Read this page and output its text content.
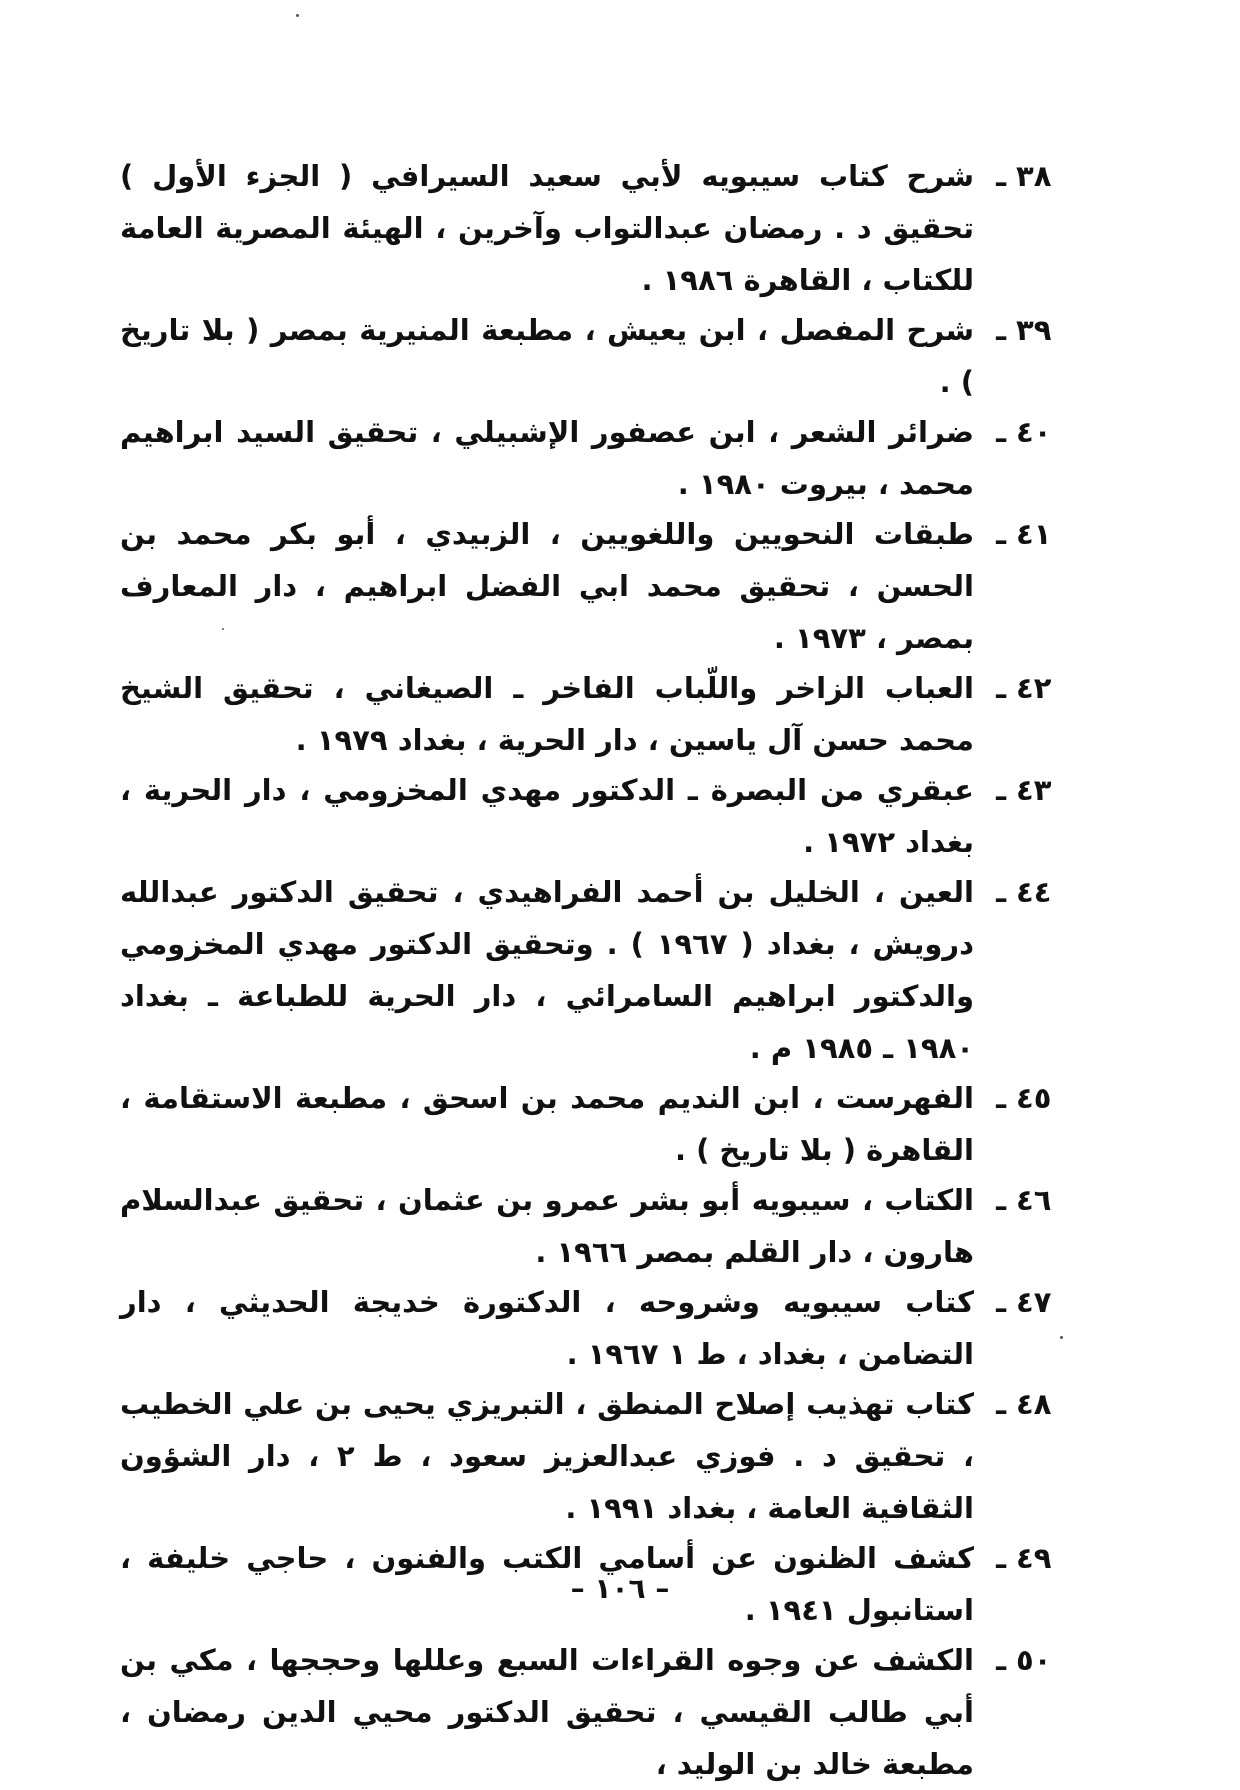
٣٨
ـ
شرح كتاب سيبويه لأبي سعيد السيرافي ( الجزء الأول ) تحقيق د . رمضان عبدالتواب وآخرين ، الهيئة المصرية العامة للكتاب ، القاهرة ١٩٨٦ .
٣٩
ـ
شرح المفصل ، ابن يعيش ، مطبعة المنيرية بمصر ( بلا تاريخ ) .
٤٠
ـ
ضرائر الشعر ، ابن عصفور الإشبيلي ، تحقيق السيد ابراهيم محمد ، بيروت ١٩٨٠ .
٤١
ـ
طبقات النحويين واللغويين ، الزبيدي ، أبو بكر محمد بن الحسن ، تحقيق محمد ابي الفضل ابراهيم ، دار المعارف بمصر ، ١٩٧٣ .
٤٢
ـ
العباب الزاخر واللّباب الفاخر ـ الصيغاني ، تحقيق الشيخ محمد حسن آل ياسين ، دار الحرية ، بغداد ١٩٧٩ .
٤٣
ـ
عبقري من البصرة ـ الدكتور مهدي المخزومي ، دار الحرية ، بغداد ١٩٧٢ .
٤٤
ـ
العين ، الخليل بن أحمد الفراهيدي ، تحقيق الدكتور عبدالله درويش ، بغداد ( ١٩٦٧ ) . وتحقيق الدكتور مهدي المخزومي والدكتور ابراهيم السامرائي ، دار الحرية للطباعة ـ بغداد ١٩٨٠ ـ ١٩٨٥ م .
٤٥
ـ
الفهرست ، ابن النديم محمد بن اسحق ، مطبعة الاستقامة ، القاهرة ( بلا تاريخ ) .
٤٦
ـ
الكتاب ، سيبويه أبو بشر عمرو بن عثمان ، تحقيق عبدالسلام هارون ، دار القلم بمصر ١٩٦٦ .
٤٧
ـ
كتاب سيبويه وشروحه ، الدكتورة خديجة الحديثي ، دار التضامن ، بغداد ، ط ١ ١٩٦٧ .
٤٨
ـ
كتاب تهذيب إصلاح المنطق ، التبريزي يحيى بن علي الخطيب ، تحقيق د . فوزي عبدالعزيز سعود ، ط ٢ ، دار الشؤون الثقافية العامة ، بغداد ١٩٩١ .
٤٩
ـ
كشف الظنون عن أسامي الكتب والفنون ، حاجي خليفة ، استانبول ١٩٤١ .
٥٠
ـ
الكشف عن وجوه القراءات السبع وعللها وحججها ، مكي بن أبي طالب القيسي ، تحقيق الدكتور محيي الدين رمضان ، مطبعة خالد بن الوليد ،
– ١٠٦ –
